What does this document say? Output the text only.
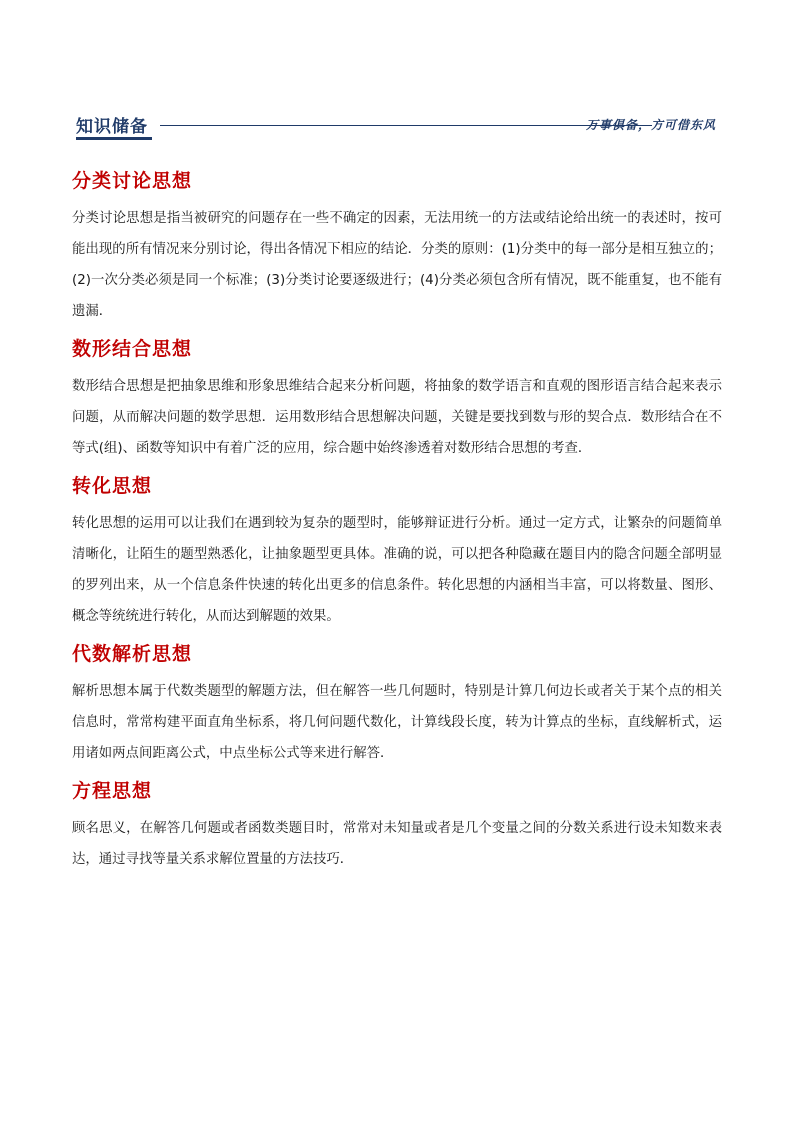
知识储备	万事俱备，方可借东风
分类讨论思想

分类讨论思想是指当被研究的问题存在一些不确定的因素，无法用统一的方法或结论给出统一的表述时，按可能出现的所有情况来分别讨论，得出各情况下相应的结论．分类的原则：(1)分类中的每一部分是相互独立的；(2)一次分类必须是同一个标准；(3)分类讨论要逐级进行；(4)分类必须包含所有情况，既不能重复，也不能有遗漏．

数形结合思想

数形结合思想是把抽象思维和形象思维结合起来分析问题，将抽象的数学语言和直观的图形语言结合起来表示问题，从而解决问题的数学思想．运用数形结合思想解决问题，关键是要找到数与形的契合点．数形结合在不等式(组)、函数等知识中有着广泛的应用，综合题中始终渗透着对数形结合思想的考查．

转化思想

转化思想的运用可以让我们在遇到较为复杂的题型时，能够辩证进行分析。通过一定方式，让繁杂的问题简单清晰化，让陌生的题型熟悉化，让抽象题型更具体。准确的说，可以把各种隐藏在题目内的隐含问题全部明显的罗列出来，从一个信息条件快速的转化出更多的信息条件。转化思想的内涵相当丰富，可以将数量、图形、概念等统统进行转化，从而达到解题的效果。

代数解析思想

解析思想本属于代数类题型的解题方法，但在解答一些几何题时，特别是计算几何边长或者关于某个点的相关信息时，常常构建平面直角坐标系，将几何问题代数化，计算线段长度，转为计算点的坐标，直线解析式，运用诸如两点间距离公式，中点坐标公式等来进行解答．

方程思想

顾名思义，在解答几何题或者函数类题目时，常常对未知量或者是几个变量之间的分数关系进行设未知数来表达，通过寻找等量关系求解位置量的方法技巧．
